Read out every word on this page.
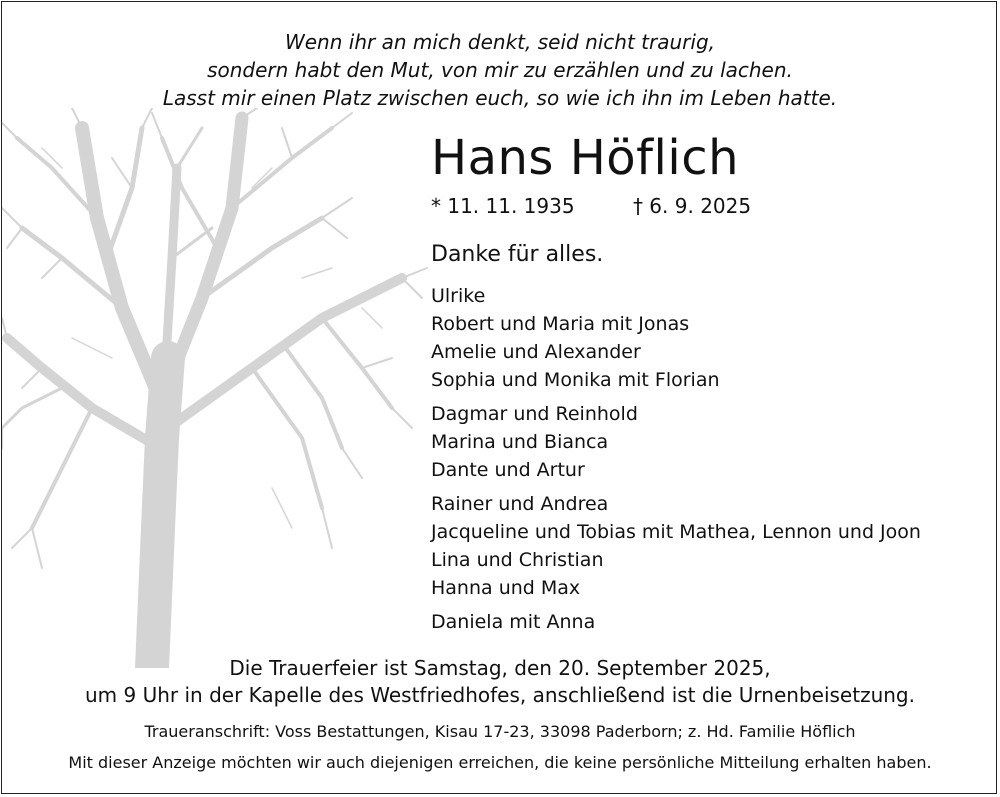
Wenn ihr an mich denkt, seid nicht traurig,
sondern habt den Mut, von mir zu erzählen und zu lachen.
Lasst mir einen Platz zwischen euch, so wie ich ihn im Leben hatte.
Hans Höflich
* 11. 11. 1935	† 6. 9. 2025
Danke für alles.
Ulrike
Robert und Maria mit Jonas
Amelie und Alexander
Sophia und Monika mit Florian
Dagmar und Reinhold
Marina und Bianca
Dante und Artur
Rainer und Andrea
Jacqueline und Tobias mit Mathea, Lennon und Joon
Lina und Christian
Hanna und Max
Daniela mit Anna
Die Trauerfeier ist Samstag, den 20. September 2025,
um 9 Uhr in der Kapelle des Westfriedhofes, anschließend ist die Urnenbeisetzung.
Traueranschrift: Voss Bestattungen, Kisau 17-23, 33098 Paderborn; z. Hd. Familie Höflich
Mit dieser Anzeige möchten wir auch diejenigen erreichen, die keine persönliche Mitteilung erhalten haben.
